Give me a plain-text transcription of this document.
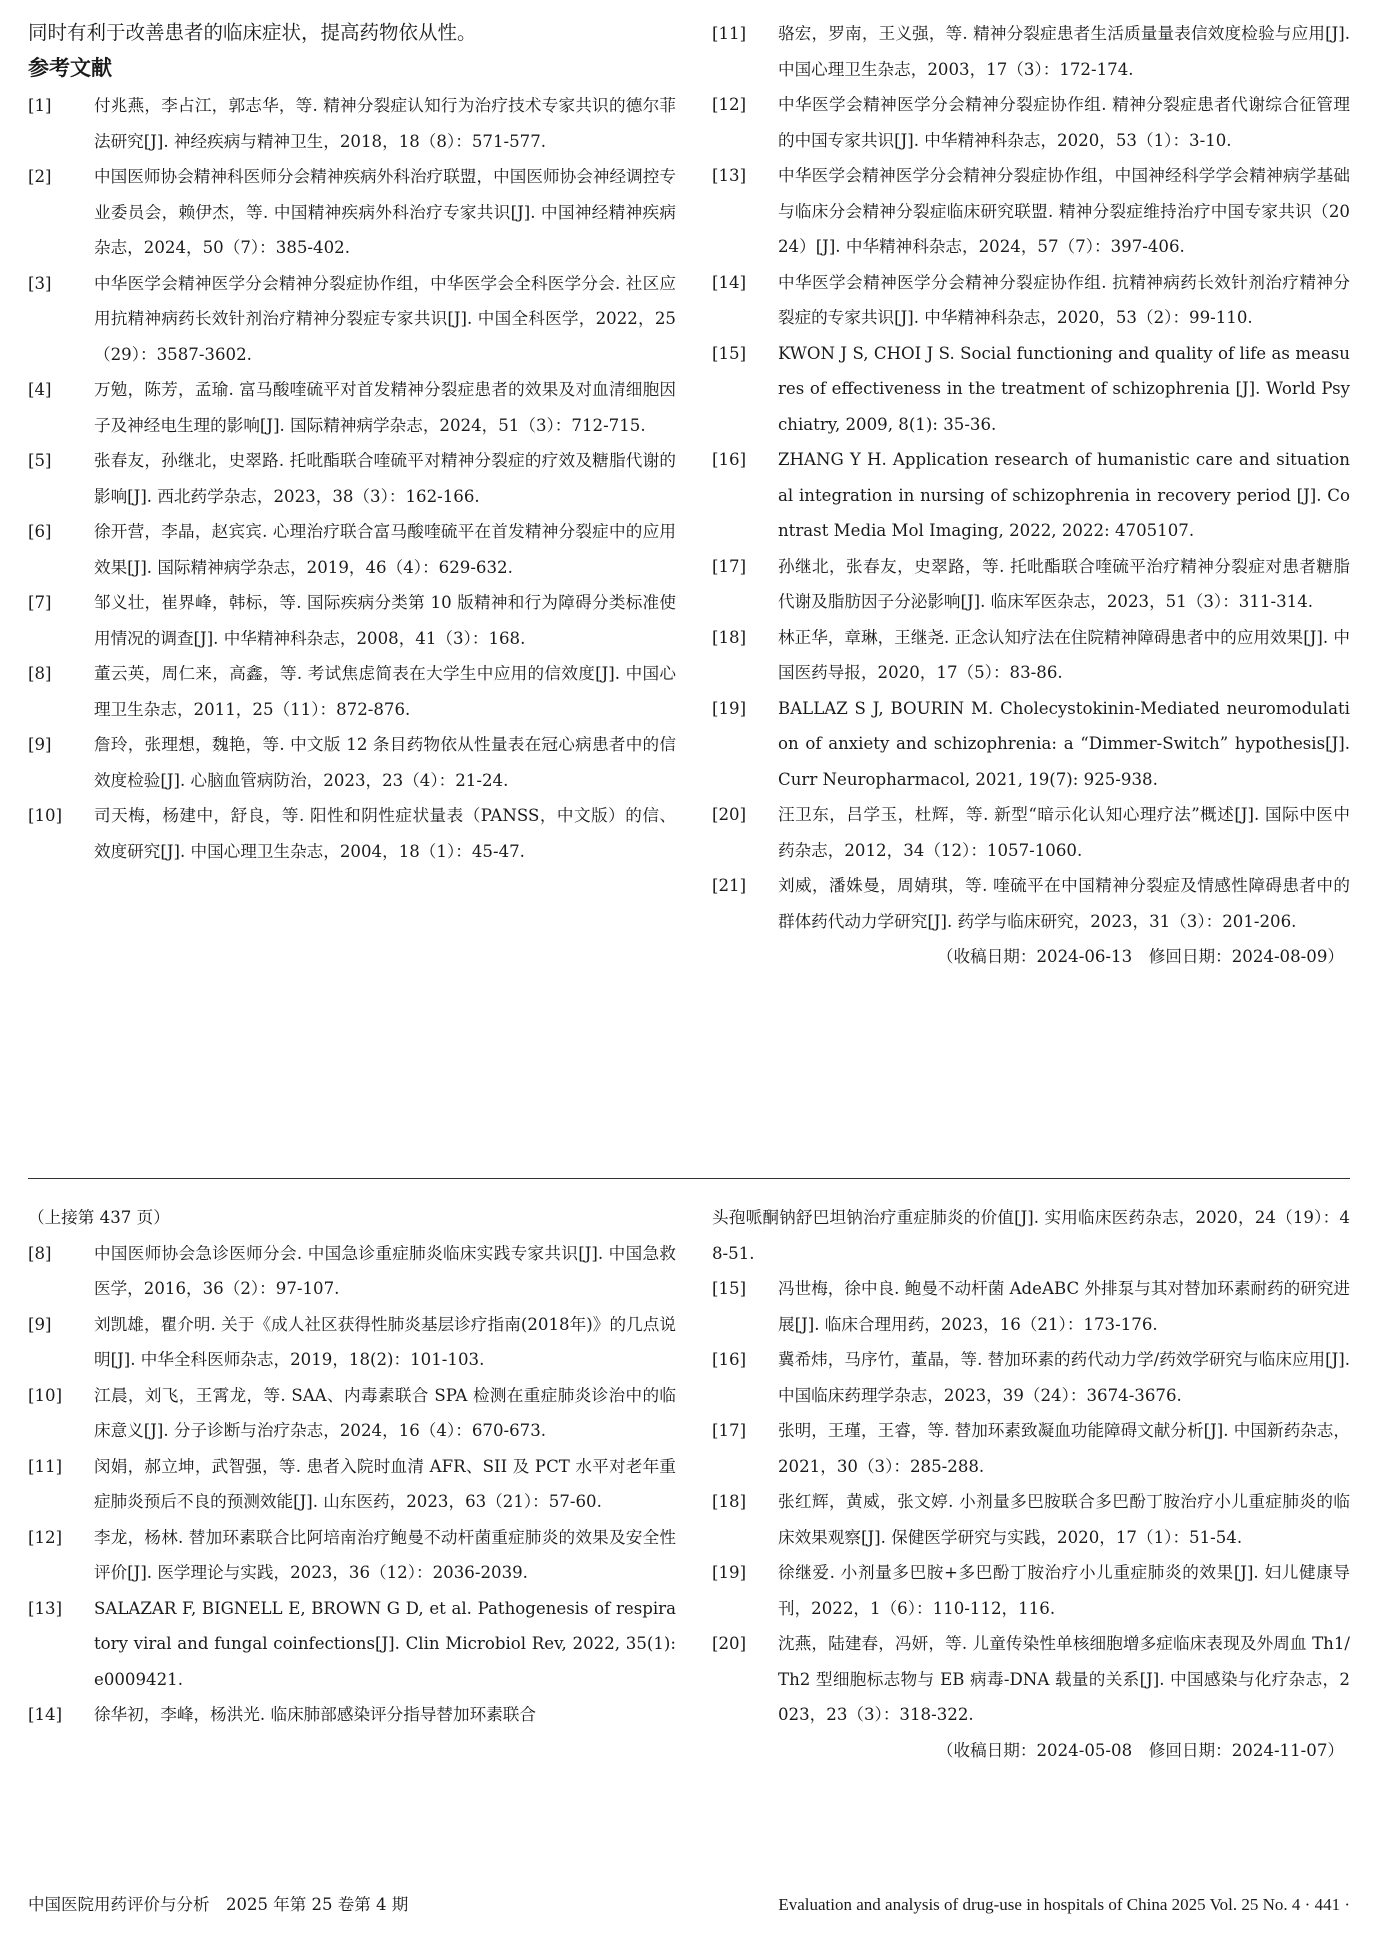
同时有利于改善患者的临床症状，提高药物依从性。
参考文献
[1]	付兆燕，李占江，郭志华，等. 精神分裂症认知行为治疗技术专家共识的德尔菲法研究[J]. 神经疾病与精神卫生，2018，18（8）：571-577.
[2]	中国医师协会精神科医师分会精神疾病外科治疗联盟，中国医师协会神经调控专业委员会，赖伊杰，等. 中国精神疾病外科治疗专家共识[J]. 中国神经精神疾病杂志，2024，50（7）：385-402.
[3]	中华医学会精神医学分会精神分裂症协作组，中华医学会全科医学分会. 社区应用抗精神病药长效针剂治疗精神分裂症专家共识[J]. 中国全科医学，2022，25（29）：3587-3602.
[4]	万勉，陈芳，孟瑜. 富马酸喹硫平对首发精神分裂症患者的效果及对血清细胞因子及神经电生理的影响[J]. 国际精神病学杂志，2024，51（3）：712-715.
[5]	张春友，孙继北，史翠路. 托吡酯联合喹硫平对精神分裂症的疗效及糖脂代谢的影响[J]. 西北药学杂志，2023，38（3）：162-166.
[6]	徐开营，李晶，赵宾宾. 心理治疗联合富马酸喹硫平在首发精神分裂症中的应用效果[J]. 国际精神病学杂志，2019，46（4）：629-632.
[7]	邹义壮，崔界峰，韩标，等. 国际疾病分类第 10 版精神和行为障碍分类标准使用情况的调查[J]. 中华精神科杂志，2008，41（3）：168.
[8]	董云英，周仁来，高鑫，等. 考试焦虑简表在大学生中应用的信效度[J]. 中国心理卫生杂志，2011，25（11）：872-876.
[9]	詹玲，张理想，魏艳，等. 中文版 12 条目药物依从性量表在冠心病患者中的信效度检验[J]. 心脑血管病防治，2023，23（4）：21-24.
[10] 司天梅，杨建中，舒良，等. 阳性和阴性症状量表（PANSS，中文版）的信、效度研究[J]. 中国心理卫生杂志，2004，18（1）：45-47.
[11] 骆宏，罗南，王义强，等. 精神分裂症患者生活质量量表信效度检验与应用[J]. 中国心理卫生杂志，2003，17（3）：172-174.
[12] 中华医学会精神医学分会精神分裂症协作组. 精神分裂症患者代谢综合征管理的中国专家共识[J]. 中华精神科杂志，2020，53（1）：3-10.
[13] 中华医学会精神医学分会精神分裂症协作组，中国神经科学学会精神病学基础与临床分会精神分裂症临床研究联盟. 精神分裂症维持治疗中国专家共识（2024）[J]. 中华精神科杂志，2024，57（7）：397-406.
[14] 中华医学会精神医学分会精神分裂症协作组. 抗精神病药长效针剂治疗精神分裂症的专家共识[J]. 中华精神科杂志，2020，53（2）：99-110.
[15] KWON J S, CHOI J S. Social functioning and quality of life as measures of effectiveness in the treatment of schizophrenia [J]. World Psychiatry, 2009, 8(1): 35-36.
[16] ZHANG Y H. Application research of humanistic care and situational integration in nursing of schizophrenia in recovery period [J]. Contrast Media Mol Imaging, 2022, 2022: 4705107.
[17] 孙继北，张春友，史翠路，等. 托吡酯联合喹硫平治疗精神分裂症对患者糖脂代谢及脂肪因子分泌影响[J]. 临床军医杂志，2023，51（3）：311-314.
[18] 林正华，章琳，王继尧. 正念认知疗法在住院精神障碍患者中的应用效果[J]. 中国医药导报，2020，17（5）：83-86.
[19] BALLAZ S J, BOURIN M. Cholecystokinin-Mediated neuromodulation of anxiety and schizophrenia: a “Dimmer-Switch” hypothesis[J]. Curr Neuropharmacol, 2021, 19(7): 925-938.
[20] 汪卫东，吕学玉，杜辉，等. 新型“暗示化认知心理疗法”概述[J]. 国际中医中药杂志，2012，34（12）：1057-1060.
[21] 刘威，潘姝曼，周婧琪，等. 喹硫平在中国精神分裂症及情感性障碍患者中的群体药代动力学研究[J]. 药学与临床研究，2023，31（3）：201-206.
（收稿日期：2024-06-13　修回日期：2024-08-09）
（上接第 437 页）
[8]	中国医师协会急诊医师分会. 中国急诊重症肺炎临床实践专家共识[J]. 中国急救医学，2016，36（2）：97-107.
[9]	刘凯雄，瞿介明. 关于《成人社区获得性肺炎基层诊疗指南(2018年)》的几点说明[J]. 中华全科医师杂志，2019，18(2)：101-103.
[10] 江晨，刘飞，王霄龙，等. SAA、内毒素联合 SPA 检测在重症肺炎诊治中的临床意义[J]. 分子诊断与治疗杂志，2024，16（4）：670-673.
[11] 闵娟，郝立坤，武智强，等. 患者入院时血清 AFR、SII 及 PCT 水平对老年重症肺炎预后不良的预测效能[J]. 山东医药，2023，63（21）：57-60.
[12] 李龙，杨林. 替加环素联合比阿培南治疗鲍曼不动杆菌重症肺炎的效果及安全性评价[J]. 医学理论与实践，2023，36（12）：2036-2039.
[13] SALAZAR F, BIGNELL E, BROWN G D, et al. Pathogenesis of respiratory viral and fungal coinfections[J]. Clin Microbiol Rev, 2022, 35(1): e0009421.
[14] 徐华初，李峰，杨洪光. 临床肺部感染评分指导替加环素联合
头孢哌酮钠舒巴坦钠治疗重症肺炎的价值[J]. 实用临床医药杂志，2020，24（19）：48-51.
[15] 冯世梅，徐中良. 鲍曼不动杆菌 AdeABC 外排泵与其对替加环素耐药的研究进展[J]. 临床合理用药，2023，16（21）：173-176.
[16] 冀希炜，马序竹，董晶，等. 替加环素的药代动力学/药效学研究与临床应用[J]. 中国临床药理学杂志，2023，39（24）：3674-3676.
[17] 张明，王瑾，王睿，等. 替加环素致凝血功能障碍文献分析[J]. 中国新药杂志，2021，30（3）：285-288.
[18] 张红辉，黄威，张文婷. 小剂量多巴胺联合多巴酚丁胺治疗小儿重症肺炎的临床效果观察[J]. 保健医学研究与实践，2020，17（1）：51-54.
[19] 徐继爱. 小剂量多巴胺+多巴酚丁胺治疗小儿重症肺炎的效果[J]. 妇儿健康导刊，2022，1（6）：110-112，116.
[20] 沈燕，陆建春，冯妍，等. 儿童传染性单核细胞增多症临床表现及外周血 Th1/Th2 型细胞标志物与 EB 病毒-DNA 载量的关系[J]. 中国感染与化疗杂志，2023，23（3）：318-322.
（收稿日期：2024-05-08　修回日期：2024-11-07）
中国医院用药评价与分析　2025 年第 25 卷第 4 期	Evaluation and analysis of drug-use in hospitals of China 2025 Vol. 25 No. 4 · 441 ·
